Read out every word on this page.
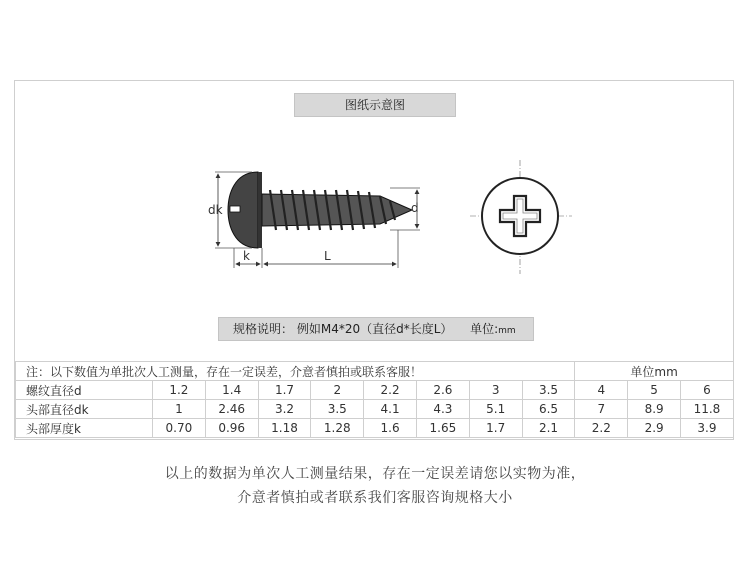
图纸示意图
dk	d
k	L
规格说明： 例如M4*20（直径d*长度L） 单位:mm
注：以下数值为单批次人工测量，存在一定误差，介意者慎拍或联系客服！									单位mm		
螺纹直径d	1.2	1.4	1.7	2	2.2	2.6	3	3.5	4	5	6
头部直径dk	1	2.46	3.2	3.5	4.1	4.3	5.1	6.5	7	8.9	11.8
头部厚度k	0.70	0.96	1.18	1.28	1.6	1.65	1.7	2.1	2.2	2.9	3.9
以上的数据为单次人工测量结果，存在一定误差请您以实物为准，
介意者慎拍或者联系我们客服咨询规格大小
